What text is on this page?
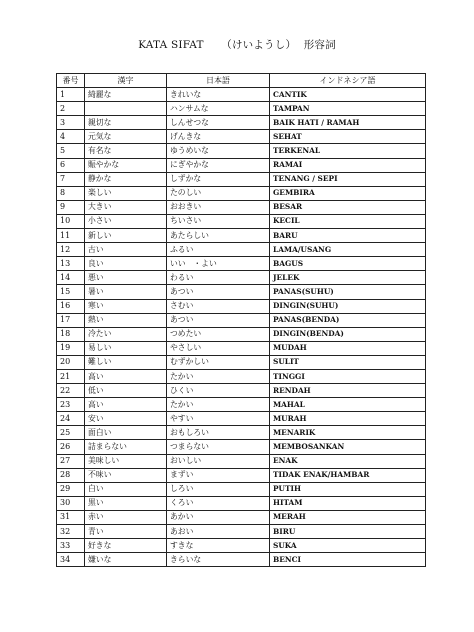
KATA SIFAT （けいようし） 形容詞
番号	漢字	日本語	インドネシア語
1	綺麗な	きれいな	CANTIK
2		ハンサムな	TAMPAN
3	親切な	しんせつな	BAIK HATI / RAMAH
4	元気な	げんきな	SEHAT
5	有名な	ゆうめいな	TERKENAL
6	賑やかな	にぎやかな	RAMAI
7	静かな	しずかな	TENANG / SEPI
8	楽しい	たのしい	GEMBIRA
9	大きい	おおきい	BESAR
10	小さい	ちいさい	KECIL
11	新しい	あたらしい	BARU
12	古い	ふるい	LAMA/USANG
13	良い	いい　・よい	BAGUS
14	悪い	わるい	JELEK
15	暑い	あつい	PANAS(SUHU)
16	寒い	さむい	DINGIN(SUHU)
17	熱い	あつい	PANAS(BENDA)
18	冷たい	つめたい	DINGIN(BENDA)
19	易しい	やさしい	MUDAH
20	難しい	むずかしい	SULIT
21	高い	たかい	TINGGI
22	低い	ひくい	RENDAH
23	高い	たかい	MAHAL
24	安い	やすい	MURAH
25	面白い	おもしろい	MENARIK
26	詰まらない	つまらない	MEMBOSANKAN
27	美味しい	おいしい	ENAK
28	不味い	まずい	TIDAK ENAK/HAMBAR
29	白い	しろい	PUTIH
30	黒い	くろい	HITAM
31	赤い	あかい	MERAH
32	青い	あおい	BIRU
33	好きな	すきな	SUKA
34	嫌いな	きらいな	BENCI
